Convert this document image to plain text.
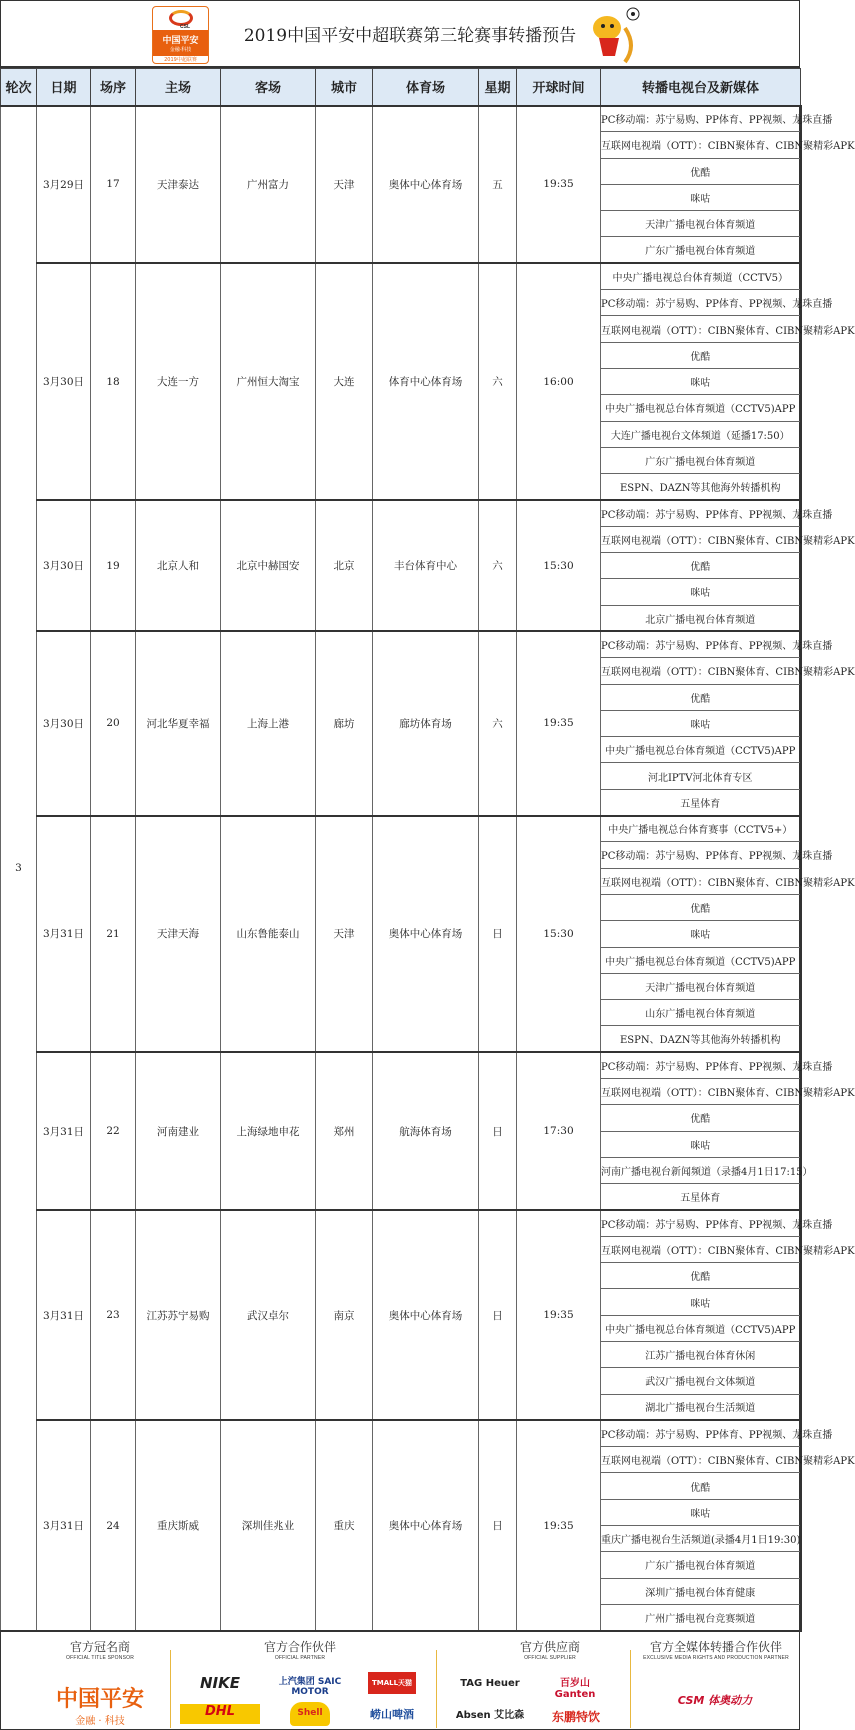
CSL
中国平安
金融·科技
2019中超联赛
2019中国平安中超联赛第三轮赛事转播预告
轮次	日期	场序	主场	客场	城市	体育场	星期	开球时间	转播电视台及新媒体
3	3月29日	17	天津泰达	广州富力	天津	奥体中心体育场	五	19:35	PC移动端：苏宁易购、PP体育、PP视频、龙珠直播
									互联网电视端（OTT）：CIBN聚体育、CIBN聚精彩APK
									优酷
									咪咕
									天津广播电视台体育频道
									广东广播电视台体育频道
	3月30日	18	大连一方	广州恒大淘宝	大连	体育中心体育场	六	16:00	中央广播电视总台体育频道（CCTV5）
									PC移动端：苏宁易购、PP体育、PP视频、龙珠直播
									互联网电视端（OTT）：CIBN聚体育、CIBN聚精彩APK
									优酷
									咪咕
									中央广播电视总台体育频道（CCTV5)APP
									大连广播电视台文体频道（延播17:50）
									广东广播电视台体育频道
									ESPN、DAZN等其他海外转播机构
	3月30日	19	北京人和	北京中赫国安	北京	丰台体育中心	六	15:30	PC移动端：苏宁易购、PP体育、PP视频、龙珠直播
									互联网电视端（OTT）：CIBN聚体育、CIBN聚精彩APK
									优酷
									咪咕
									北京广播电视台体育频道
	3月30日	20	河北华夏幸福	上海上港	廊坊	廊坊体育场	六	19:35	PC移动端：苏宁易购、PP体育、PP视频、龙珠直播
									互联网电视端（OTT）：CIBN聚体育、CIBN聚精彩APK
									优酷
									咪咕
									中央广播电视总台体育频道（CCTV5)APP
									河北IPTV河北体育专区
									五星体育
	3月31日	21	天津天海	山东鲁能泰山	天津	奥体中心体育场	日	15:30	中央广播电视总台体育赛事（CCTV5+）
									PC移动端：苏宁易购、PP体育、PP视频、龙珠直播
									互联网电视端（OTT）：CIBN聚体育、CIBN聚精彩APK
									优酷
									咪咕
									中央广播电视总台体育频道（CCTV5)APP
									天津广播电视台体育频道
									山东广播电视台体育频道
									ESPN、DAZN等其他海外转播机构
	3月31日	22	河南建业	上海绿地申花	郑州	航海体育场	日	17:30	PC移动端：苏宁易购、PP体育、PP视频、龙珠直播
									互联网电视端（OTT）：CIBN聚体育、CIBN聚精彩APK
									优酷
									咪咕
									河南广播电视台新闻频道（录播4月1日17:15）
									五星体育
	3月31日	23	江苏苏宁易购	武汉卓尔	南京	奥体中心体育场	日	19:35	PC移动端：苏宁易购、PP体育、PP视频、龙珠直播
									互联网电视端（OTT）：CIBN聚体育、CIBN聚精彩APK
									优酷
									咪咕
									中央广播电视总台体育频道（CCTV5)APP
									江苏广播电视台体育休闲
									武汉广播电视台文体频道
									湖北广播电视台生活频道
	3月31日	24	重庆斯威	深圳佳兆业	重庆	奥体中心体育场	日	19:35	PC移动端：苏宁易购、PP体育、PP视频、龙珠直播
									互联网电视端（OTT）：CIBN聚体育、CIBN聚精彩APK
									优酷
									咪咕
									重庆广播电视台生活频道(录播4月1日19:30)
									广东广播电视台体育频道
									深圳广播电视台体育健康
									广州广播电视台竞赛频道
官方冠名商
OFFICIAL TITLE SPONSOR
中国平安
金融 · 科技
官方合作伙伴
OFFICIAL PARTNER
NIKE	上汽集团 SAIC MOTOR
TMALL天猫
DHL	Shell	崂山啤酒
官方供应商
OFFICIAL SUPPLIER
TAG Heuer	百岁山 Ganten
Absen 艾比森	东鹏特饮
官方全媒体转播合作伙伴
EXCLUSIVE MEDIA RIGHTS AND PRODUCTION PARTNER
CSM 体奥动力
